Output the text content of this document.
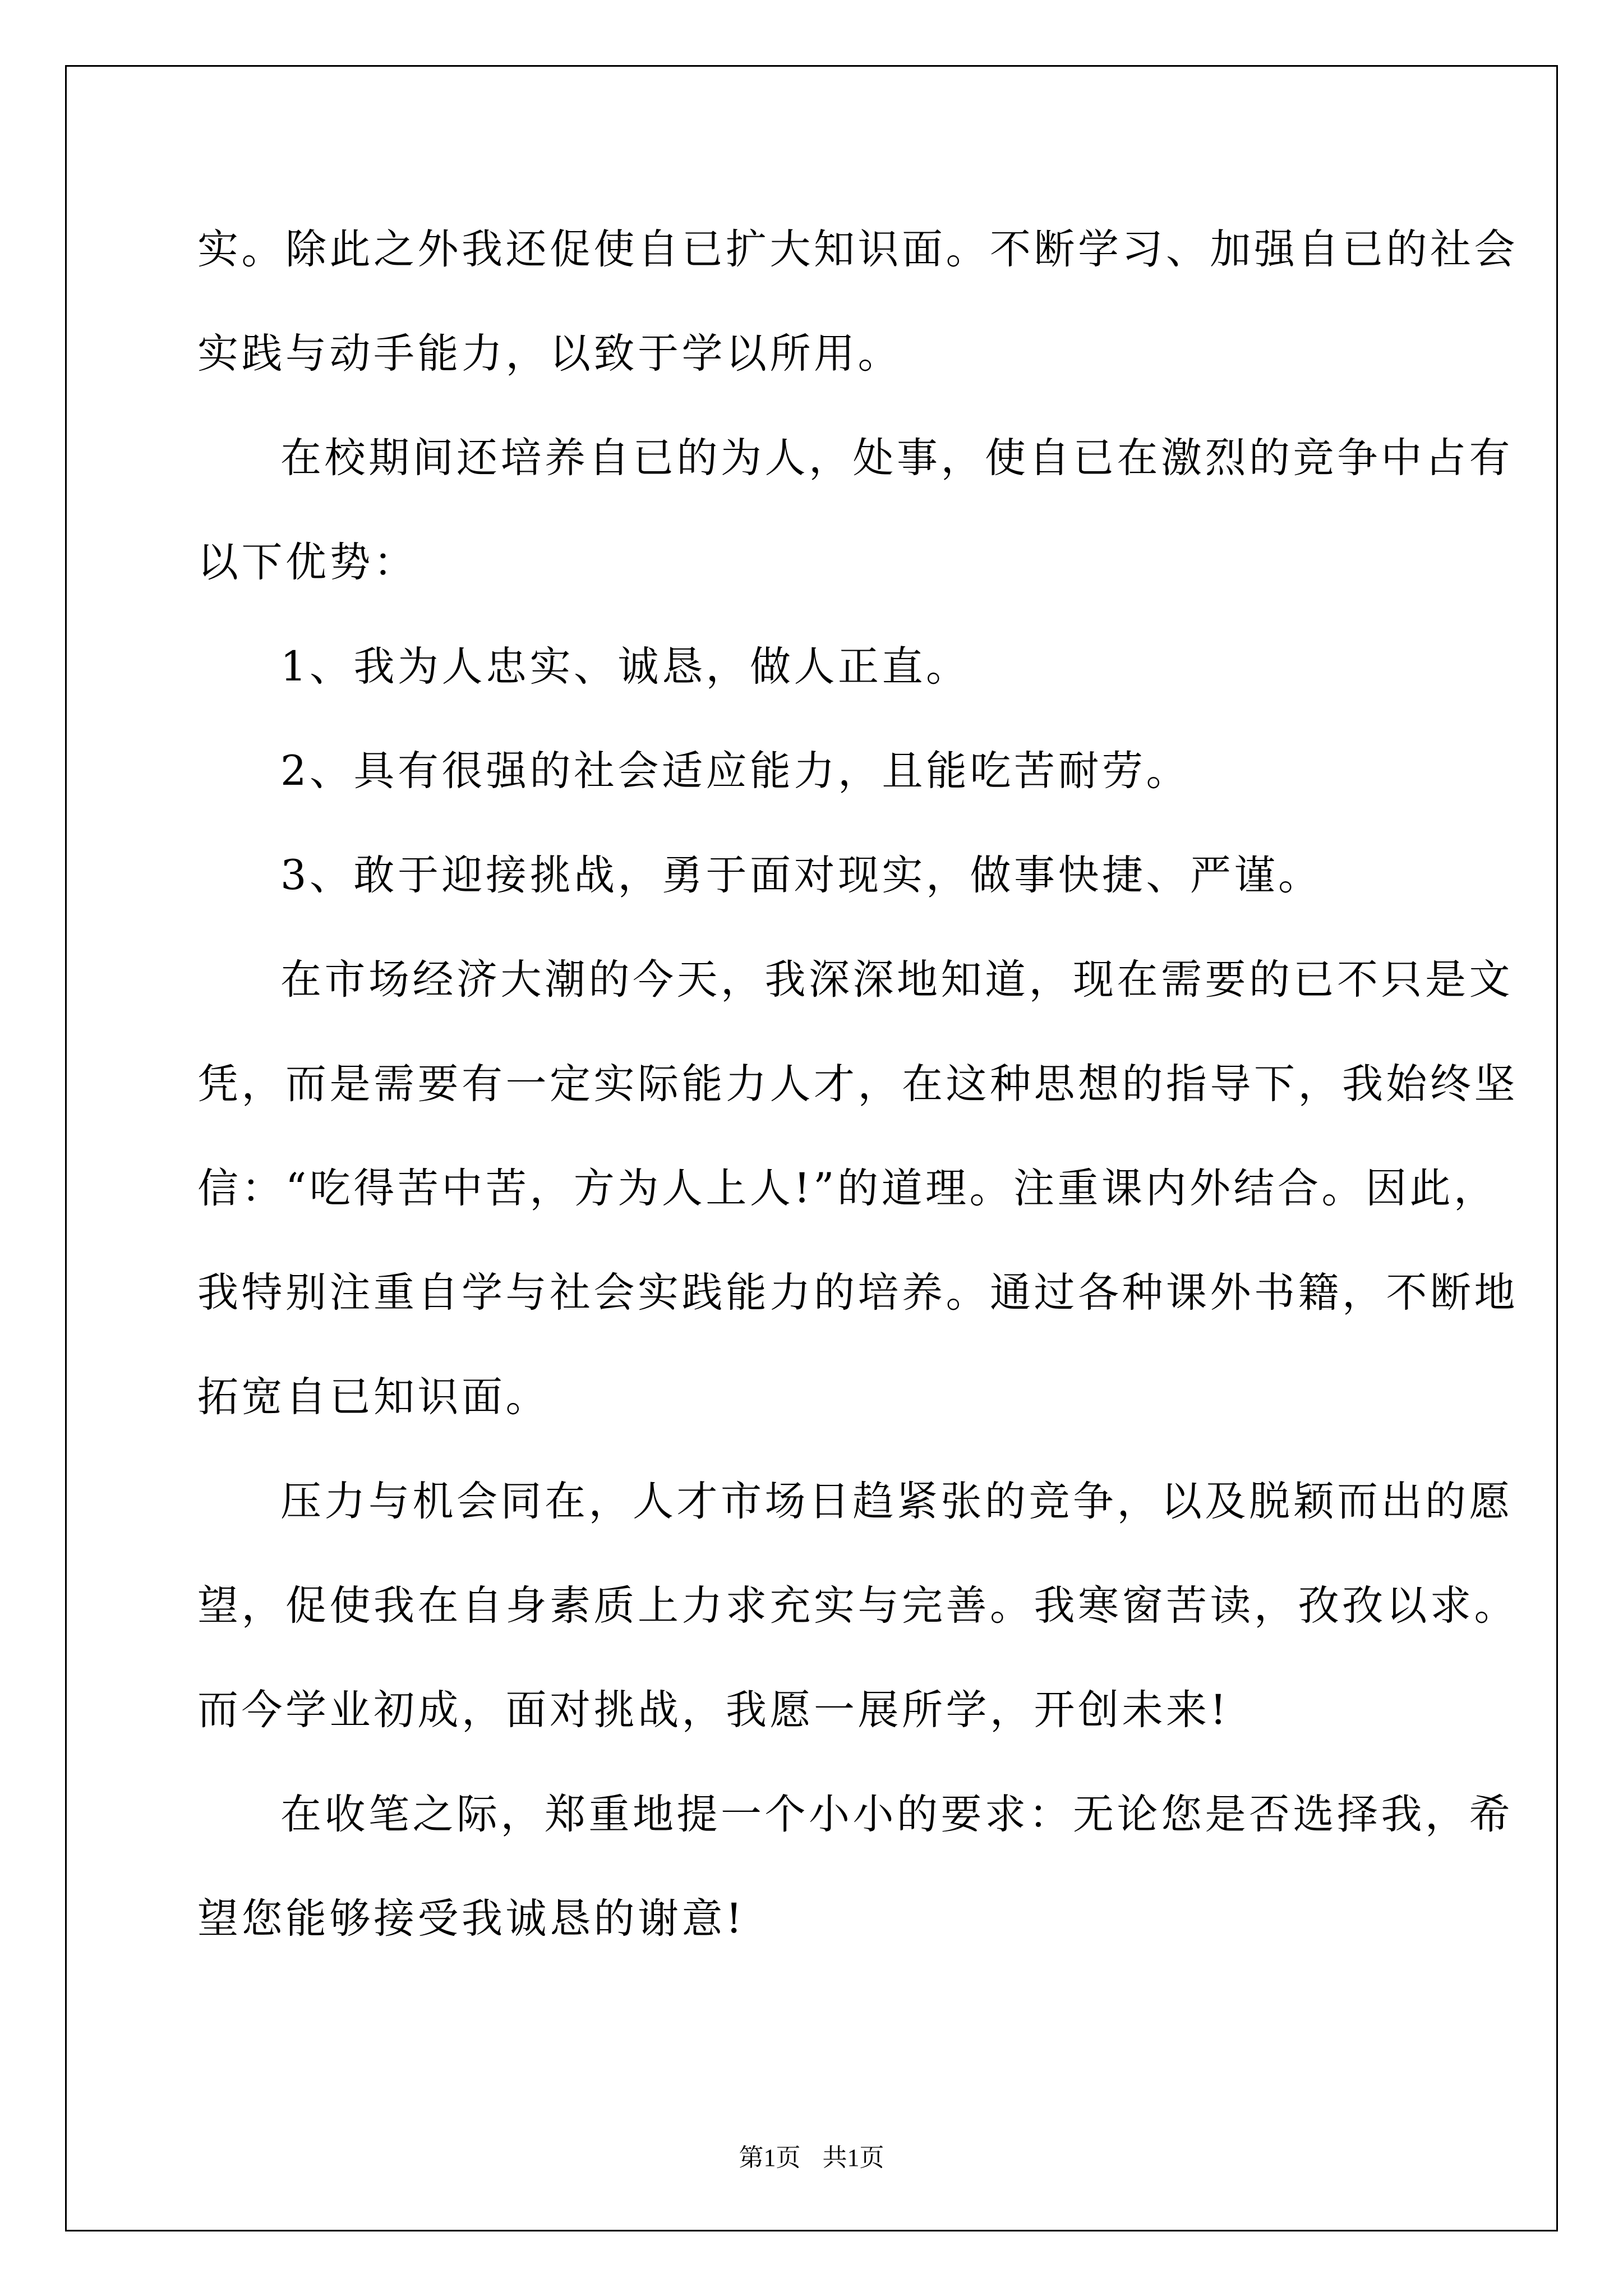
实。除此之外我还促使自已扩大知识面。不断学习、加强自已的社会
实践与动手能力，以致于学以所用。
在校期间还培养自已的为人，处事，使自已在激烈的竞争中占有
以下优势：
1、我为人忠实、诚恳，做人正直。
2、具有很强的社会适应能力，且能吃苦耐劳。
3、敢于迎接挑战，勇于面对现实，做事快捷、严谨。
在市场经济大潮的今天，我深深地知道，现在需要的已不只是文
凭，而是需要有一定实际能力人才，在这种思想的指导下，我始终坚
信：“吃得苦中苦，方为人上人!”的道理。注重课内外结合。因此，
我特别注重自学与社会实践能力的培养。通过各种课外书籍，不断地
拓宽自已知识面。
压力与机会同在，人才市场日趋紧张的竞争，以及脱颖而出的愿
望，促使我在自身素质上力求充实与完善。我寒窗苦读，孜孜以求。
而今学业初成，面对挑战，我愿一展所学，开创未来!
在收笔之际，郑重地提一个小小的要求：无论您是否选择我，希
望您能够接受我诚恳的谢意!
第1页 共1页
